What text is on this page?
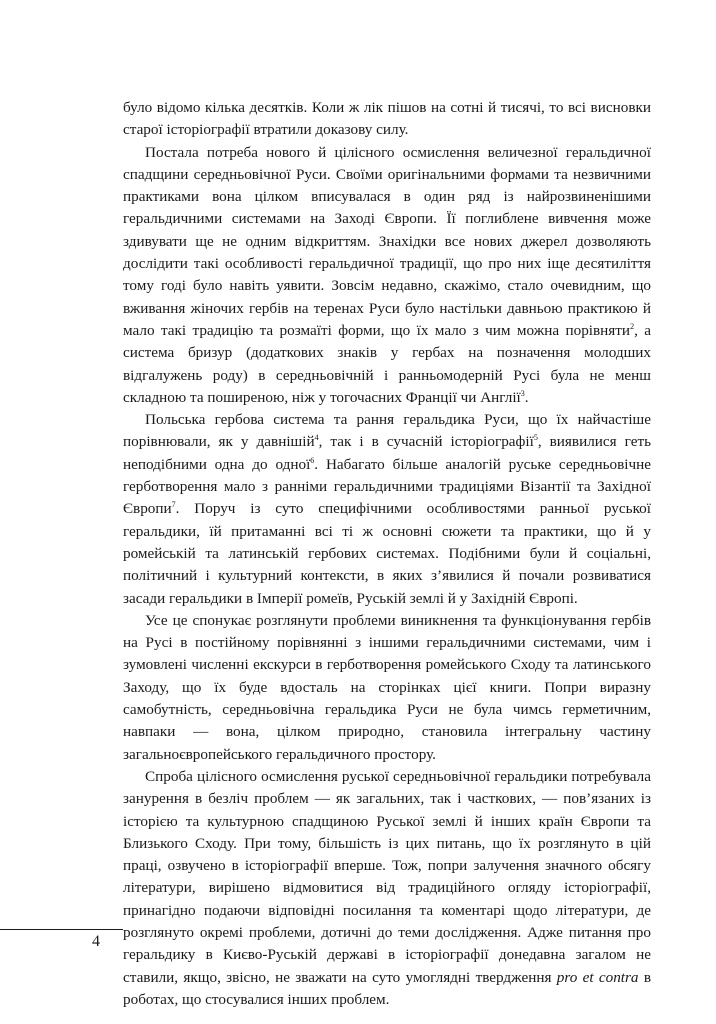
було відомо кілька десятків. Коли ж лік пішов на сотні й тисячі, то всі висновки старої історіографії втратили доказову силу.

Постала потреба нового й цілісного осмислення величезної геральдичної спадщини середньовічної Руси. Своїми оригінальними формами та незвичними практиками вона цілком вписувалася в один ряд із найрозвиненішими геральдичними системами на Заході Європи. Її поглиблене вивчення може здивувати ще не одним відкриттям. Знахідки все нових джерел дозволяють дослідити такі особливості геральдичної традиції, що про них іще десятиліття тому годі було навіть уявити. Зовсім недавно, скажімо, стало очевидним, що вживання жіночих гербів на теренах Руси було настільки давньою практикою й мало такі традицію та розмаїті форми, що їх мало з чим можна порівняти$^2$, а система бризур (додаткових знаків у гербах на позначення молодших відгалужень роду) в середньовічній і ранньомодерній Русі була не менш складною та поширеною, ніж у тогочасних Франції чи Англії$^3$.

Польська гербова система та рання геральдика Руси, що їх найчастіше порівнювали, як у давнішій$^4$, так і в сучасній історіографії$^5$, виявилися геть неподібними одна до одної$^6$. Набагато більше аналогій руське середньовічне герботворення мало з ранніми геральдичними традиціями Візантії та Західної Європи$^7$. Поруч із суто специфічними особливостями ранньої руської геральдики, їй притаманні всі ті ж основні сюжети та практики, що й у ромейській та латинській гербових системах. Подібними були й соціальні, політичний і культурний контексти, в яких з’явилися й почали розвиватися засади геральдики в Імперії ромеїв, Руській землі й у Західній Європі.

Усе це спонукає розглянути проблеми виникнення та функціонування гербів на Русі в постійному порівнянні з іншими геральдичними системами, чим і зумовлені численні екскурси в герботворення ромейського Сходу та латинського Заходу, що їх буде вдосталь на сторінках цієї книги. Попри виразну самобутність, середньовічна геральдика Руси не була чимсь герметичним, навпаки — вона, цілком природно, становила інтегральну частину загальноєвропейського геральдичного простору.

Спроба цілісного осмислення руської середньовічної геральдики потребувала занурення в безліч проблем — як загальних, так і часткових, — пов’язаних із історією та культурною спадщиною Руської землі й інших країн Європи та Близького Сходу. При тому, більшість із цих питань, що їх розглянуто в цій праці, озвучено в історіографії вперше. Тож, попри залучення значного обсягу літератури, вирішено відмовитися від традиційного огляду історіографії, принагідно подаючи відповідні посилання та коментарі щодо літератури, де розглянуто окремі проблеми, дотичні до теми дослідження. Адже питання про геральдику в Києво-Руській державі в історіографії донедавна загалом не ставили, якщо, звісно, не зважати на суто умоглядні твердження pro et contra в роботах, що стосувалися інших проблем.

4
